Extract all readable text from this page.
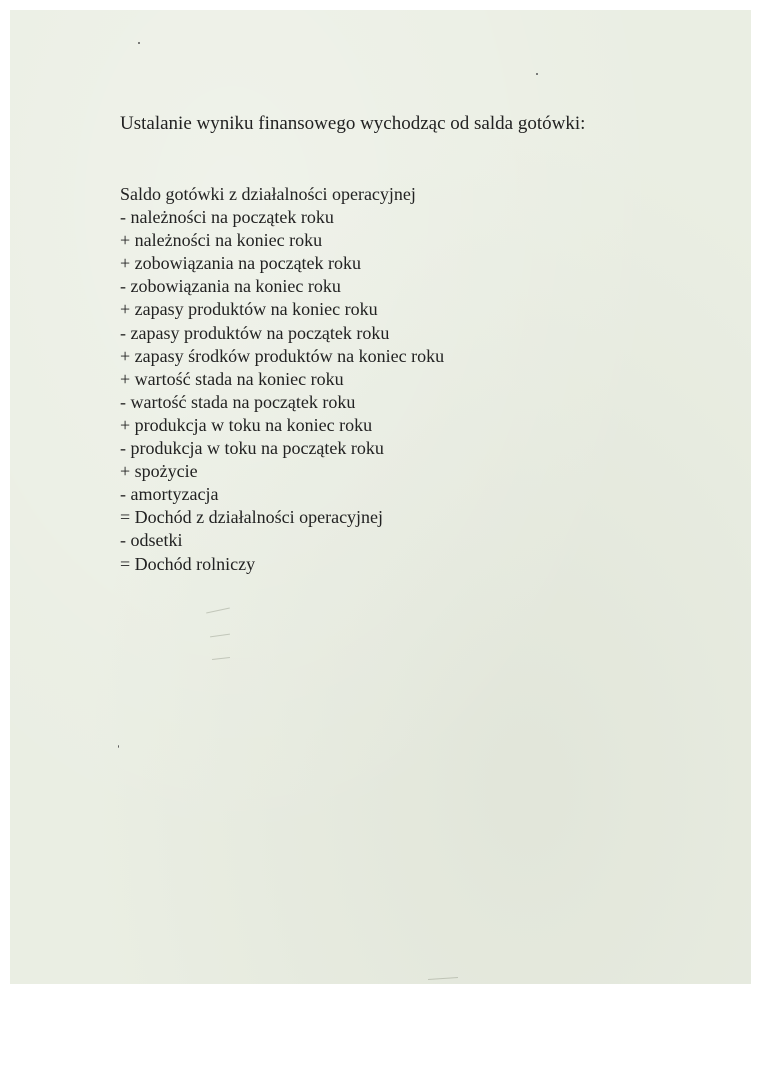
Ustalanie wyniku finansowego wychodząc od salda gotówki:
Saldo gotówki z działalności operacyjnej
- należności na początek roku
+ należności na koniec roku
+ zobowiązania na początek roku
- zobowiązania na koniec roku
+ zapasy produktów na koniec roku
- zapasy produktów na początek roku
+ zapasy środków produktów na koniec roku
+ wartość stada na koniec roku
- wartość stada na początek roku
+ produkcja w toku na koniec roku
- produkcja w toku na początek roku
+ spożycie
- amortyzacja
= Dochód z działalności operacyjnej
- odsetki
= Dochód rolniczy
